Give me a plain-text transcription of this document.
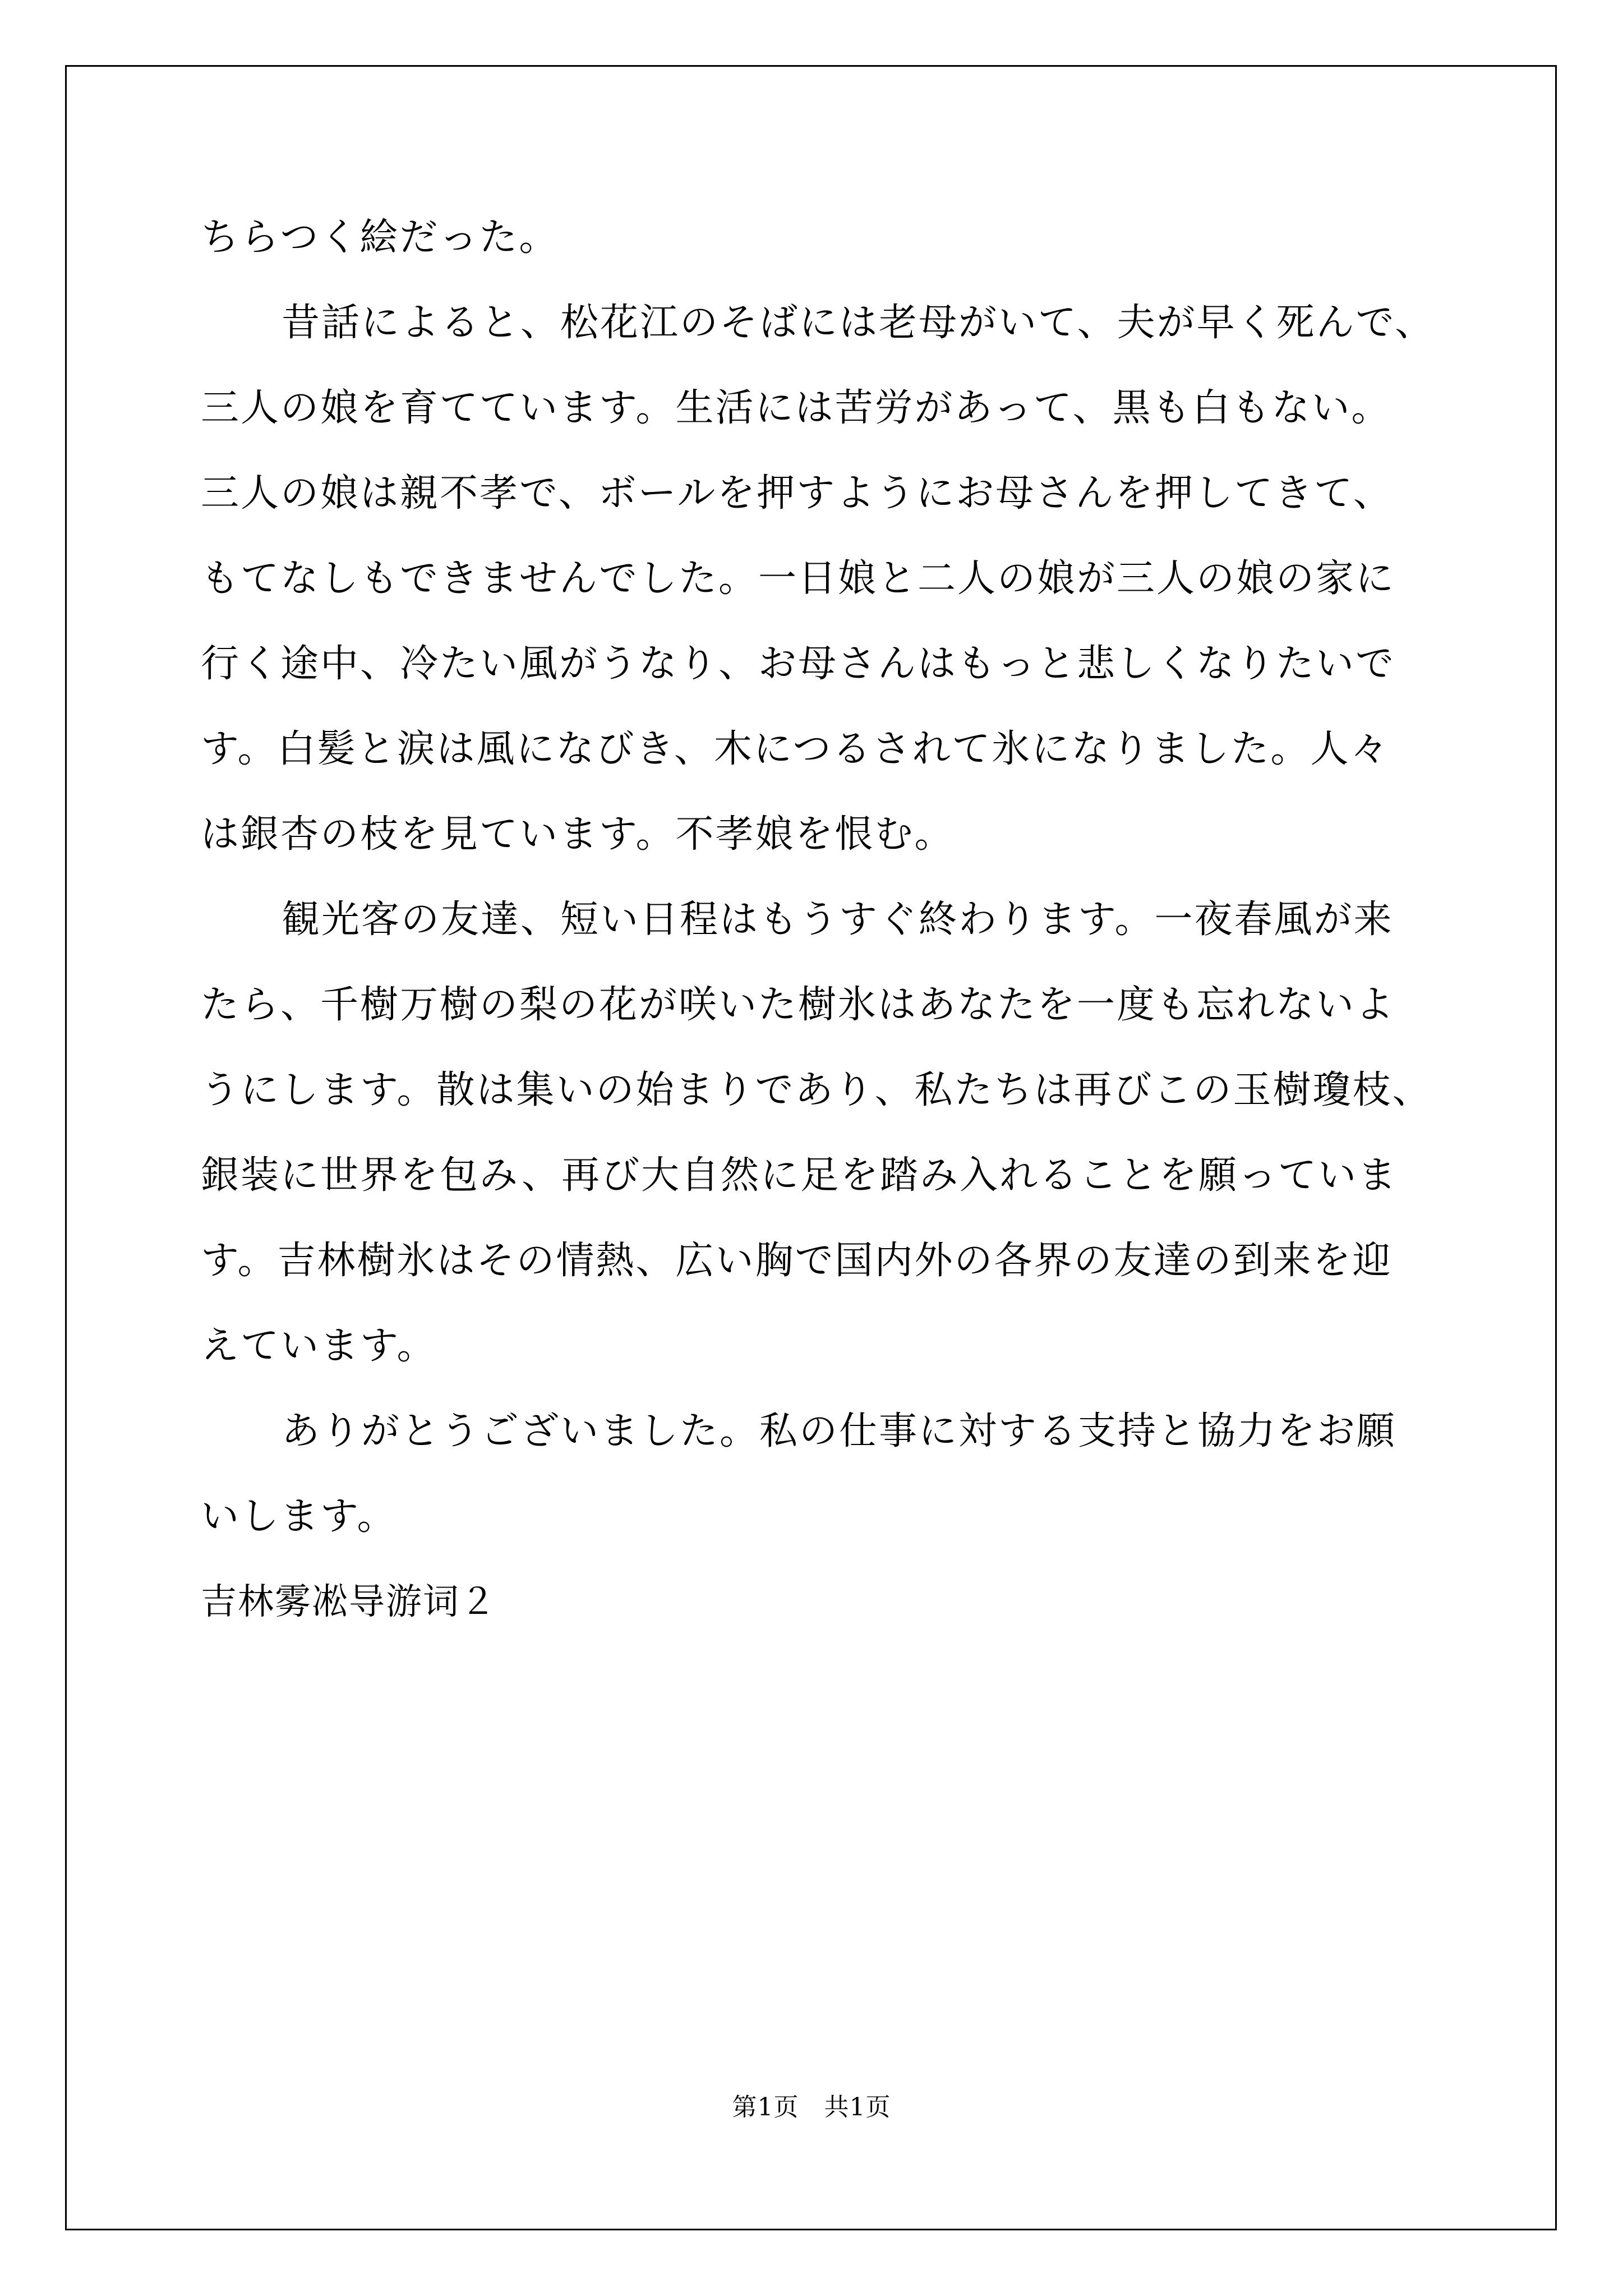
ちらつく絵だった。
昔話によると、松花江のそばには老母がいて、夫が早く死んで、
三人の娘を育てています。生活には苦労があって、黒も白もない。
三人の娘は親不孝で、ボールを押すようにお母さんを押してきて、
もてなしもできませんでした。一日娘と二人の娘が三人の娘の家に
行く途中、冷たい風がうなり、お母さんはもっと悲しくなりたいで
す。白髪と涙は風になびき、木につるされて氷になりました。人々
は銀杏の枝を見ています。不孝娘を恨む。
観光客の友達、短い日程はもうすぐ終わります。一夜春風が来
たら、千樹万樹の梨の花が咲いた樹氷はあなたを一度も忘れないよ
うにします。散は集いの始まりであり、私たちは再びこの玉樹瓊枝、
銀装に世界を包み、再び大自然に足を踏み入れることを願っていま
す。吉林樹氷はその情熱、広い胸で国内外の各界の友達の到来を迎
えています。
ありがとうございました。私の仕事に対する支持と協力をお願
いします。
吉林雾凇导游词２
第1页　共1页
